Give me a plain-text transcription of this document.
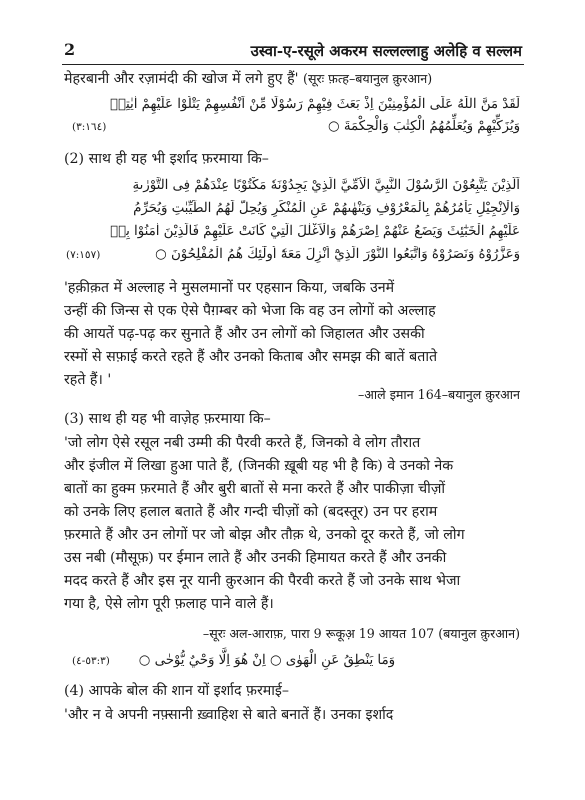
2	उस्वा-ए-रसूले अकरम सल्लल्लाहु अलेहि व सल्लम
मेहरबानी और रज़ामंदी की खोज में लगे हुए हैं' (सूरः फ़त्ह–बयानुल क़ुरआन)
لَقَدْ مَنَّ اللّٰهُ عَلَى الْمُؤْمِنِيْنَ اِذْ بَعَثَ فِيْهِمْ رَسُوْلًا مِّنْ اَنْفُسِهِمْ يَتْلُوْا عَلَيْهِمْ اٰيٰتِهٖ
وَيُزَكِّيْهِمْ وَيُعَلِّمُهُمُ الْكِتٰبَ وَالْحِكْمَةَ ○
(٣:١٦٤)
(2) साथ ही यह भी इर्शाद फ़रमाया कि–
اَلَّذِيْنَ يَتَّبِعُوْنَ الرَّسُوْلَ النَّبِيَّ الْاُمِّيَّ الَّذِيْ يَجِدُوْنَهٗ مَكْتُوْبًا عِنْدَهُمْ فِى التَّوْرٰىةِ
وَالْاِنْجِيْلِ يَاْمُرُهُمْ بِالْمَعْرُوْفِ وَيَنْهٰىهُمْ عَنِ الْمُنْكَرِ وَيُحِلُّ لَهُمُ الطَّيِّبٰتِ وَيُحَرِّمُ
عَلَيْهِمُ الْخَبٰٓئِثَ وَيَضَعُ عَنْهُمْ اِصْرَهُمْ وَالْاَغْلٰلَ الَّتِيْ كَانَتْ عَلَيْهِمْ فَالَّذِيْنَ اٰمَنُوْا بِهٖ
وَعَزَّرُوْهُ وَنَصَرُوْهُ وَاتَّبَعُوا النُّوْرَ الَّذِيْٓ اُنْزِلَ مَعَهٗٓ اُولٰٓئِكَ هُمُ الْمُفْلِحُوْنَ ○
(٧:١٥٧)
'हक़ीक़त में अल्लाह ने मुसलमानों पर एहसान किया, जबकि उनमें
उन्हीं की जिन्स से एक ऐसे पैग़म्बर को भेजा कि वह उन लोगों को अल्लाह
की आयतें पढ़-पढ़ कर सुनाते हैं और उन लोगों को जिहालत और उसकी
रस्मों से सफ़ाई करते रहते हैं और उनको किताब और समझ की बातें बताते
रहते हैं। '
–आले इमान 164–बयानुल क़ुरआन
(3) साथ ही यह भी वाज़ेह फ़रमाया कि–
'जो लोग ऐसे रसूल नबी उम्मी की पैरवी करते हैं, जिनको वे लोग तौरात
और इंजील में लिखा हुआ पाते हैं, (जिनकी ख़ूबी यह भी है कि) वे उनको नेक
बातों का हुक्म फ़रमाते हैं और बुरी बातों से मना करते हैं और पाकीज़ा चीज़ों
को उनके लिए हलाल बताते हैं और गन्दी चीज़ों को (बदस्तूर) उन पर हराम
फ़रमाते हैं और उन लोगों पर जो बोझ और तौक़ थे, उनको दूर करते हैं, जो लोग
उस नबी (मौसूफ़) पर ईमान लाते हैं और उनकी हिमायत करते हैं और उनकी
मदद करते हैं और इस नूर यानी क़ुरआन की पैरवी करते हैं जो उनके साथ भेजा
गया है, ऐसे लोग पूरी फ़लाह पाने वाले हैं।
–सूरः अल-आराफ़, पारा 9 रूकूअ़ 19 आयत 107 (बयानुल क़ुरआन)
وَمَا يَنْطِقُ عَنِ الْهَوٰى ○ اِنْ هُوَ اِلَّا وَحْيٌ يُّوْحٰى ○
(٥٣:٣-٤)
(4) आपके बोल की शान यों इर्शाद फ़रमाई–
'और न वे अपनी नफ़्सानी ख़्वाहिश से बाते बनातें हैं। उनका इर्शाद
